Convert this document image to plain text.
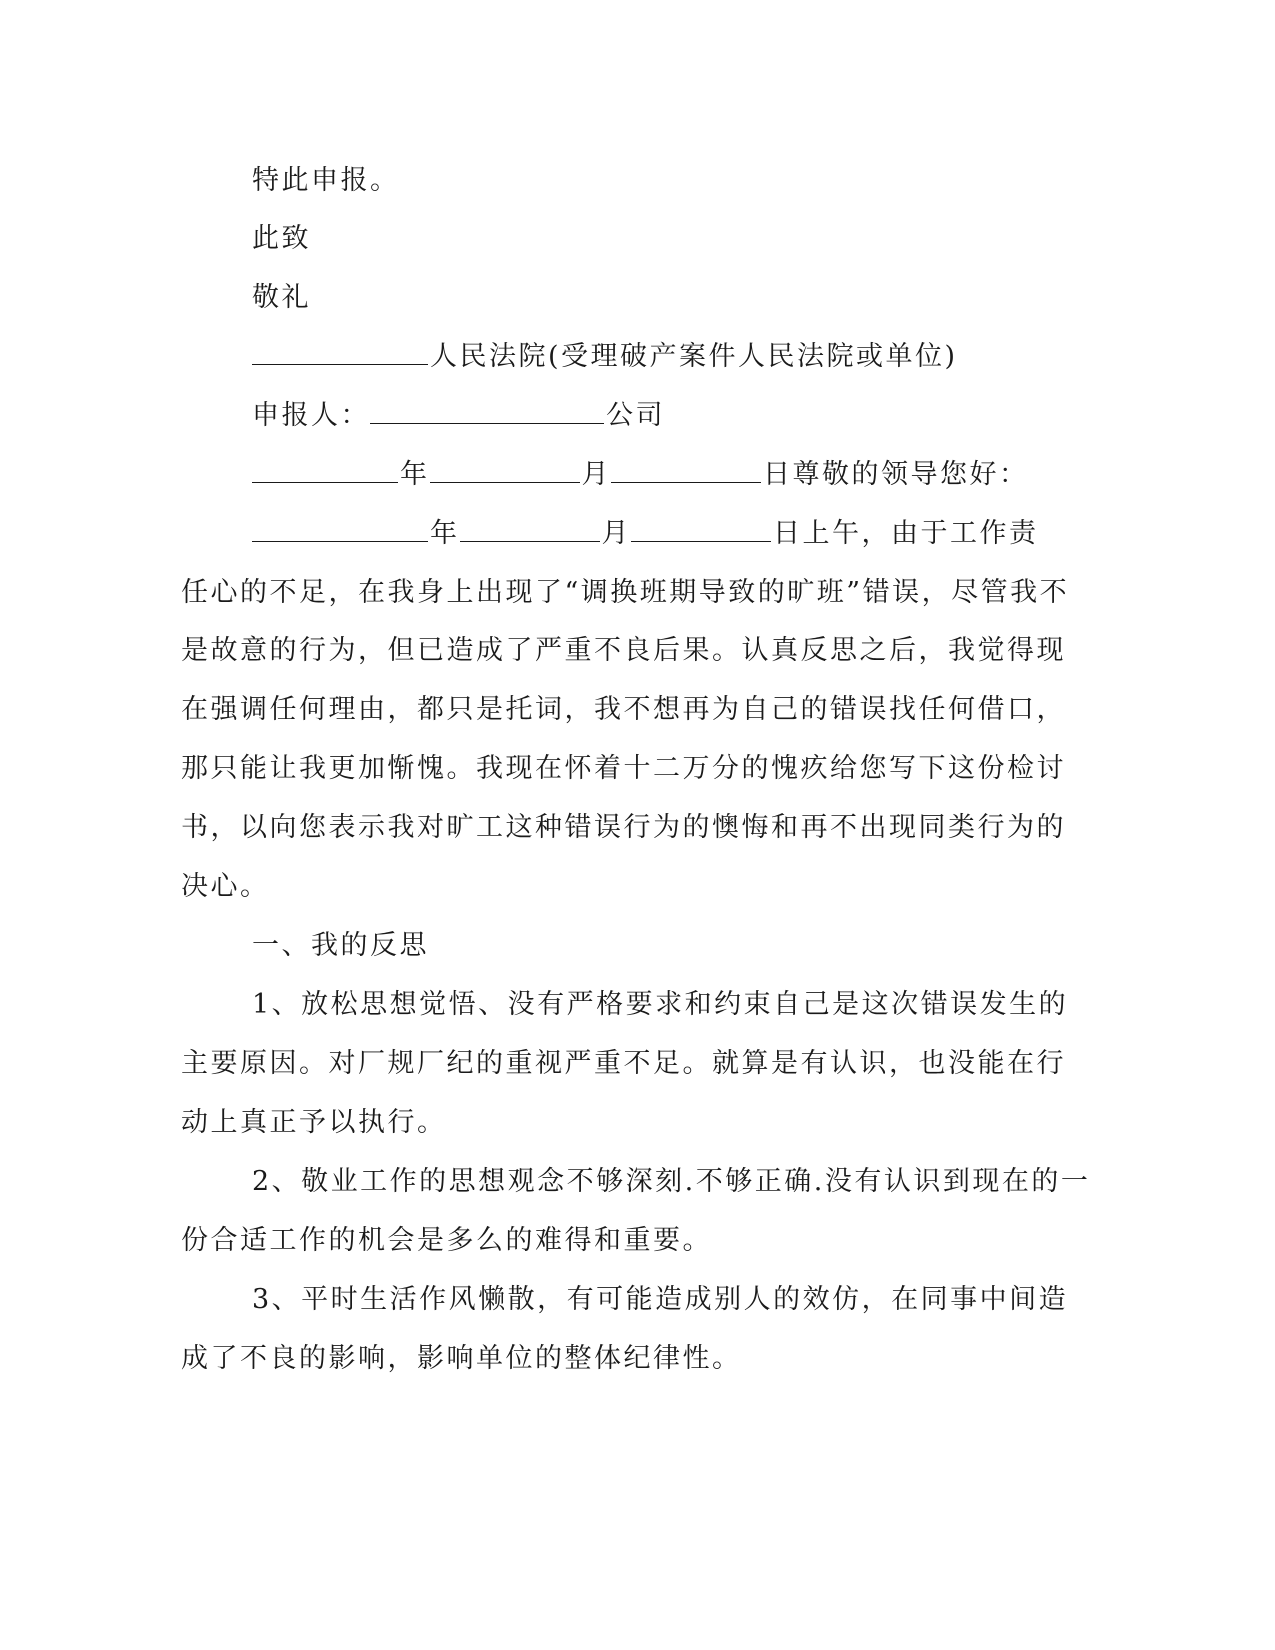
特此申报。
此致
敬礼
人民法院(受理破产案件人民法院或单位)
申报人：	公司
年	月	日尊敬的领导您好：
年	月	日上午，由于工作责
任心的不足，在我身上出现了“调换班期导致的旷班”错误，尽管我不
是故意的行为，但已造成了严重不良后果。认真反思之后，我觉得现
在强调任何理由，都只是托词，我不想再为自己的错误找任何借口，
那只能让我更加惭愧。我现在怀着十二万分的愧疚给您写下这份检讨
书，以向您表示我对旷工这种错误行为的懊悔和再不出现同类行为的
决心。
一、我的反思
1、放松思想觉悟、没有严格要求和约束自己是这次错误发生的
主要原因。对厂规厂纪的重视严重不足。就算是有认识，也没能在行
动上真正予以执行。
2、敬业工作的思想观念不够深刻.不够正确.没有认识到现在的一
份合适工作的机会是多么的难得和重要。
3、平时生活作风懒散，有可能造成别人的效仿，在同事中间造
成了不良的影响，影响单位的整体纪律性。
